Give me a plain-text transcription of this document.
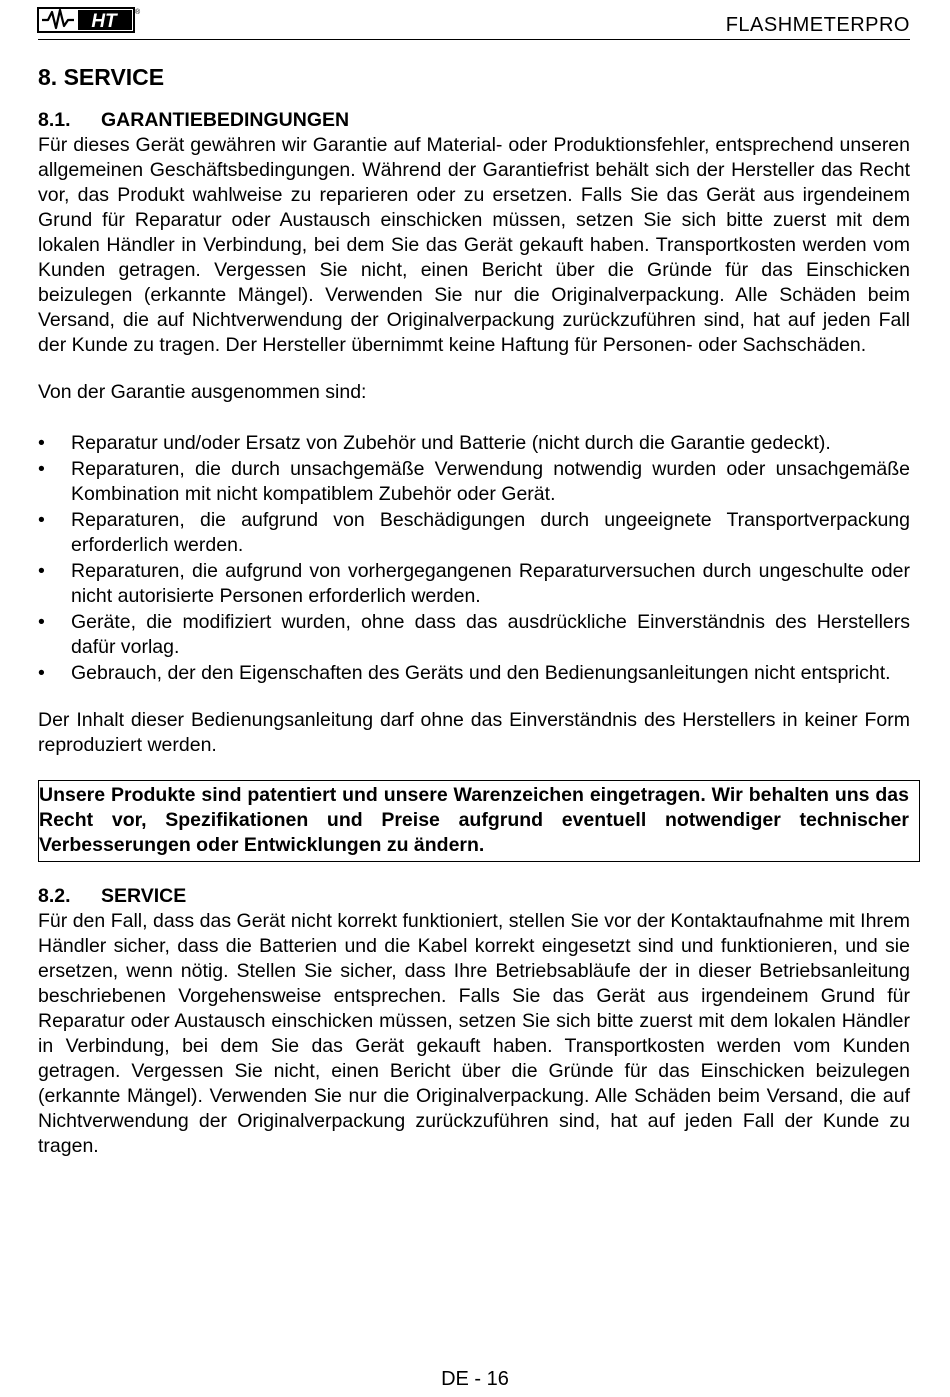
HT	®
FLASHMETERPRO
8. SERVICE
8.1. GARANTIEBEDINGUNGEN

Für dieses Gerät gewähren wir Garantie auf Material- oder Produktionsfehler, entsprechend unseren allgemeinen Geschäftsbedingungen. Während der Garantiefrist behält sich der Hersteller das Recht vor, das Produkt wahlweise zu reparieren oder zu ersetzen. Falls Sie das Gerät aus irgendeinem Grund für Reparatur oder Austausch einschicken müssen, setzen Sie sich bitte zuerst mit dem lokalen Händler in Verbindung, bei dem Sie das Gerät gekauft haben. Transportkosten werden vom Kunden getragen. Vergessen Sie nicht, einen Bericht über die Gründe für das Einschicken beizulegen (erkannte Mängel). Verwenden Sie nur die Originalverpackung. Alle Schäden beim Versand, die auf Nichtverwendung der Originalverpackung zurückzuführen sind, hat auf jeden Fall der Kunde zu tragen. Der Hersteller übernimmt keine Haftung für Personen- oder Sachschäden.

Von der Garantie ausgenommen sind:

•	Reparatur und/oder Ersatz von Zubehör und Batterie (nicht durch die Garantie gedeckt).
•	Reparaturen, die durch unsachgemäße Verwendung notwendig wurden oder unsachgemäße Kombination mit nicht kompatiblem Zubehör oder Gerät.
•	Reparaturen, die aufgrund von Beschädigungen durch ungeeignete Transportverpackung erforderlich werden.
•	Reparaturen, die aufgrund von vorhergegangenen Reparaturversuchen durch ungeschulte oder nicht autorisierte Personen erforderlich werden.
•	Geräte, die modifiziert wurden, ohne dass das ausdrückliche Einverständnis des Herstellers dafür vorlag.
•	Gebrauch, der den Eigenschaften des Geräts und den Bedienungsanleitungen nicht entspricht.

Der Inhalt dieser Bedienungsanleitung darf ohne das Einverständnis des Herstellers in keiner Form reproduziert werden.

Unsere Produkte sind patentiert und unsere Warenzeichen eingetragen. Wir behalten uns das Recht vor, Spezifikationen und Preise aufgrund eventuell notwendiger technischer Verbesserungen oder Entwicklungen zu ändern.
8.2. SERVICE

Für den Fall, dass das Gerät nicht korrekt funktioniert, stellen Sie vor der Kontaktaufnahme mit Ihrem Händler sicher, dass die Batterien und die Kabel korrekt eingesetzt sind und funktionieren, und sie ersetzen, wenn nötig. Stellen Sie sicher, dass Ihre Betriebsabläufe der in dieser Betriebsanleitung beschriebenen Vorgehensweise entsprechen. Falls Sie das Gerät aus irgendeinem Grund für Reparatur oder Austausch einschicken müssen, setzen Sie sich bitte zuerst mit dem lokalen Händler in Verbindung, bei dem Sie das Gerät gekauft haben. Transportkosten werden vom Kunden getragen. Vergessen Sie nicht, einen Bericht über die Gründe für das Einschicken beizulegen (erkannte Mängel). Verwenden Sie nur die Originalverpackung. Alle Schäden beim Versand, die auf Nichtverwendung der Originalverpackung zurückzuführen sind, hat auf jeden Fall der Kunde zu tragen.

DE - 16
